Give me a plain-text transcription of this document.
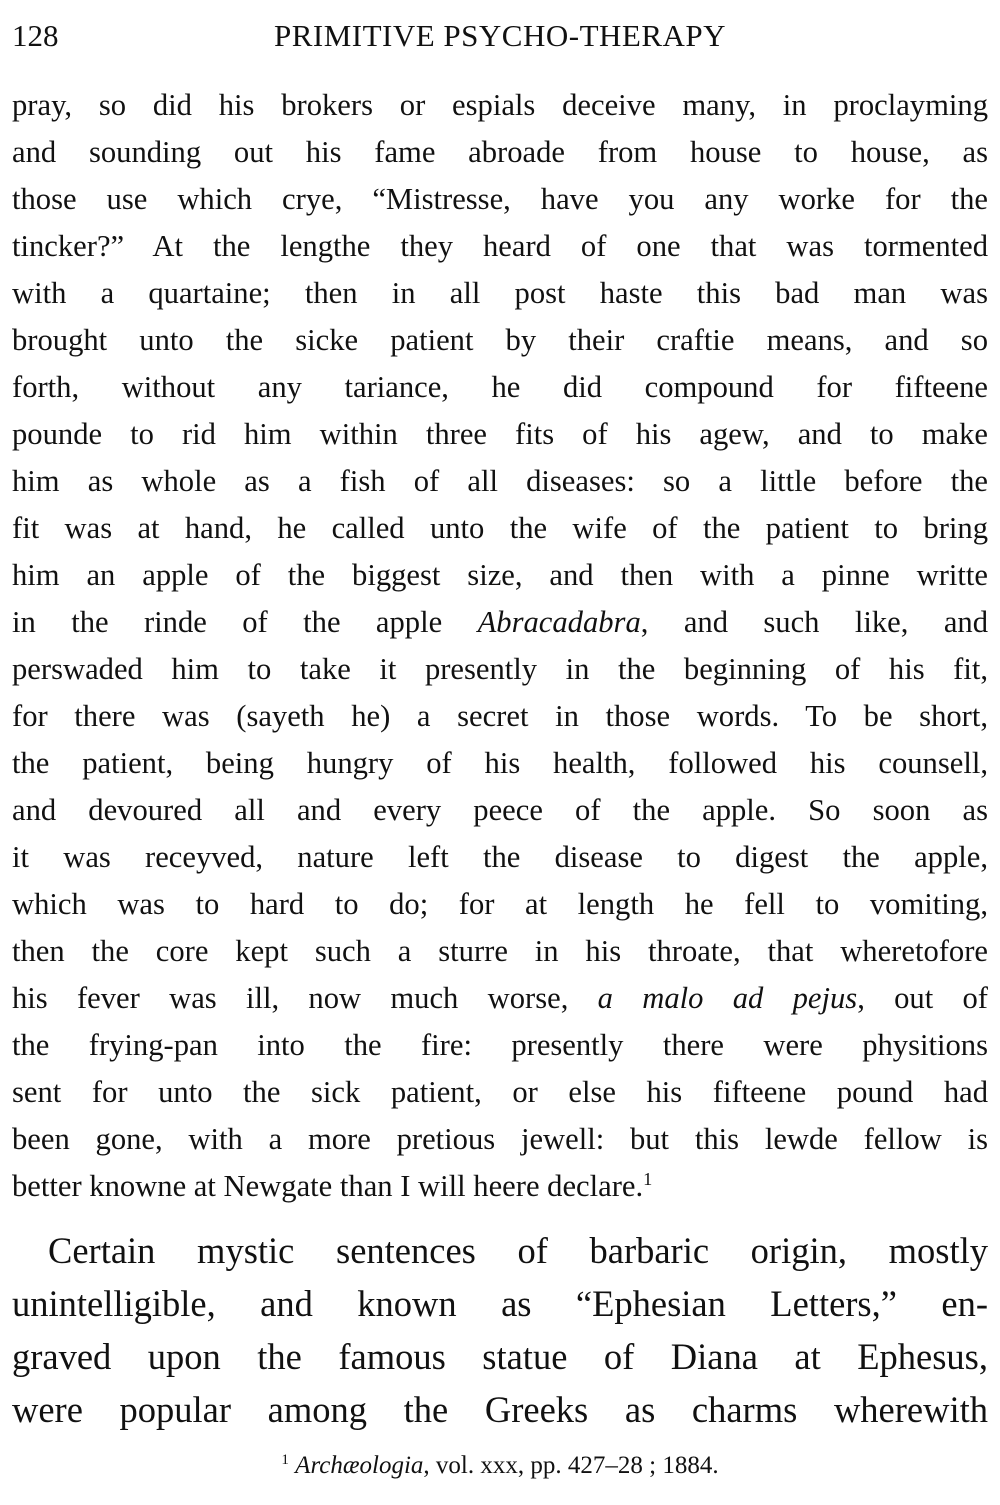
128	PRIMITIVE PSYCHO-THERAPY
pray, so did his brokers or espials deceive many, in proclayming
and sounding out his fame abroade from house to house, as
those use which crye, “Mistresse, have you any worke for the
tincker?” At the lengthe they heard of one that was tormented
with a quartaine; then in all post haste this bad man was
brought unto the sicke patient by their craftie means, and so
forth, without any tariance, he did compound for fifteene
pounde to rid him within three fits of his agew, and to make
him as whole as a fish of all diseases: so a little before the
fit was at hand, he called unto the wife of the patient to bring
him an apple of the biggest size, and then with a pinne writte
in the rinde of the apple Abracadabra, and such like, and
perswaded him to take it presently in the beginning of his fit,
for there was (sayeth he) a secret in those words. To be short,
the patient, being hungry of his health, followed his counsell,
and devoured all and every peece of the apple. So soon as
it was receyved, nature left the disease to digest the apple,
which was to hard to do; for at length he fell to vomiting,
then the core kept such a sturre in his throate, that wheretofore
his fever was ill, now much worse, a malo ad pejus, out of
the frying-pan into the fire: presently there were physitions
sent for unto the sick patient, or else his fifteene pound had
been gone, with a more pretious jewell: but this lewde fellow is
better knowne at Newgate than I will heere declare.$^1$
Certain mystic sentences of barbaric origin, mostly
unintelligible, and known as “Ephesian Letters,” en-
graved upon the famous statue of Diana at Ephesus,
were popular among the Greeks as charms wherewith
$^1$ Archæologia, vol. xxx, pp. 427–28 ; 1884.
